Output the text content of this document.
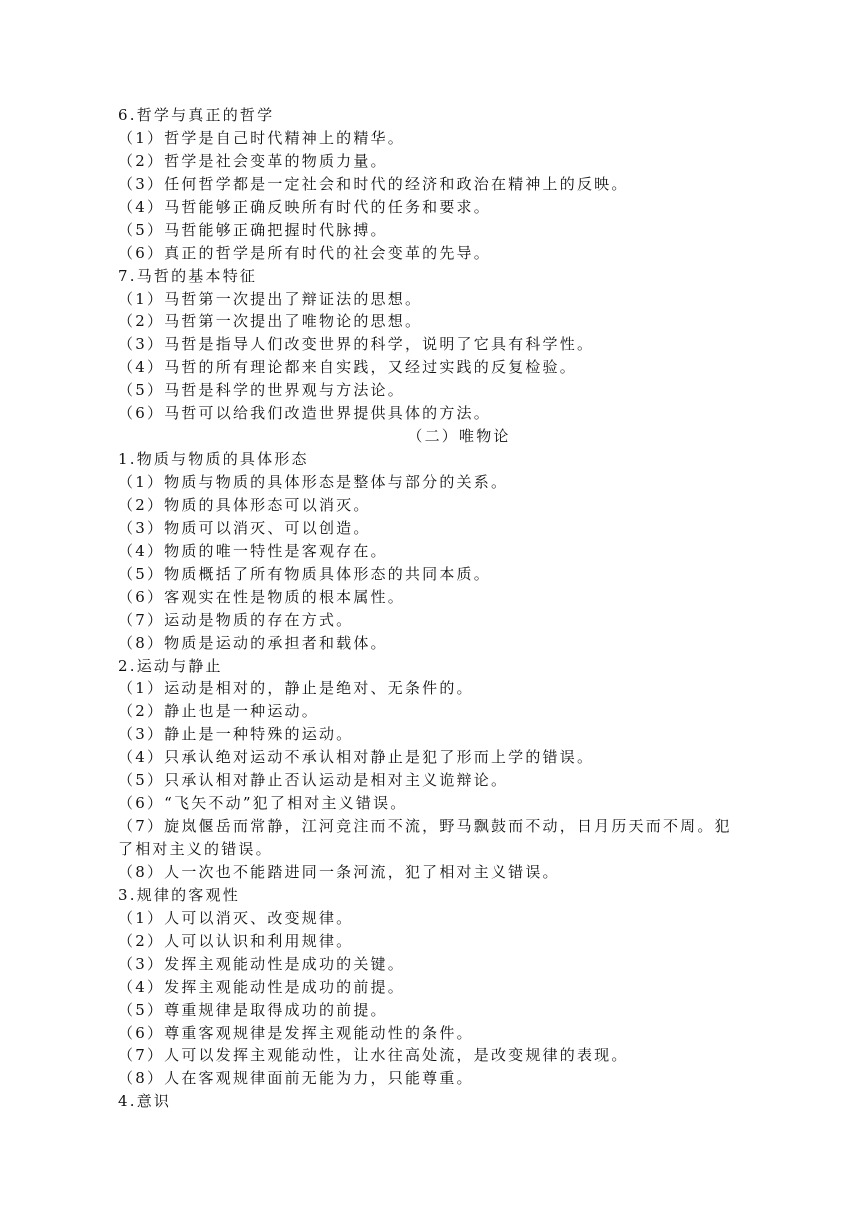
6.哲学与真正的哲学
（1）哲学是自己时代精神上的精华。
（2）哲学是社会变革的物质力量。
（3）任何哲学都是一定社会和时代的经济和政治在精神上的反映。
（4）马哲能够正确反映所有时代的任务和要求。
（5）马哲能够正确把握时代脉搏。
（6）真正的哲学是所有时代的社会变革的先导。
7.马哲的基本特征
（1）马哲第一次提出了辩证法的思想。
（2）马哲第一次提出了唯物论的思想。
（3）马哲是指导人们改变世界的科学，说明了它具有科学性。
（4）马哲的所有理论都来自实践，又经过实践的反复检验。
（5）马哲是科学的世界观与方法论。
（6）马哲可以给我们改造世界提供具体的方法。
（二）唯物论
1.物质与物质的具体形态
（1）物质与物质的具体形态是整体与部分的关系。
（2）物质的具体形态可以消灭。
（3）物质可以消灭、可以创造。
（4）物质的唯一特性是客观存在。
（5）物质概括了所有物质具体形态的共同本质。
（6）客观实在性是物质的根本属性。
（7）运动是物质的存在方式。
（8）物质是运动的承担者和载体。
2.运动与静止
（1）运动是相对的，静止是绝对、无条件的。
（2）静止也是一种运动。
（3）静止是一种特殊的运动。
（4）只承认绝对运动不承认相对静止是犯了形而上学的错误。
（5）只承认相对静止否认运动是相对主义诡辩论。
（6）“飞矢不动”犯了相对主义错误。
（7）旋岚偃岳而常静，江河竞注而不流，野马飘鼓而不动，日月历天而不周。犯了相对主义的错误。
（8）人一次也不能踏进同一条河流，犯了相对主义错误。
3.规律的客观性
（1）人可以消灭、改变规律。
（2）人可以认识和利用规律。
（3）发挥主观能动性是成功的关键。
（4）发挥主观能动性是成功的前提。
（5）尊重规律是取得成功的前提。
（6）尊重客观规律是发挥主观能动性的条件。
（7）人可以发挥主观能动性，让水往高处流，是改变规律的表现。
（8）人在客观规律面前无能为力，只能尊重。
4.意识
